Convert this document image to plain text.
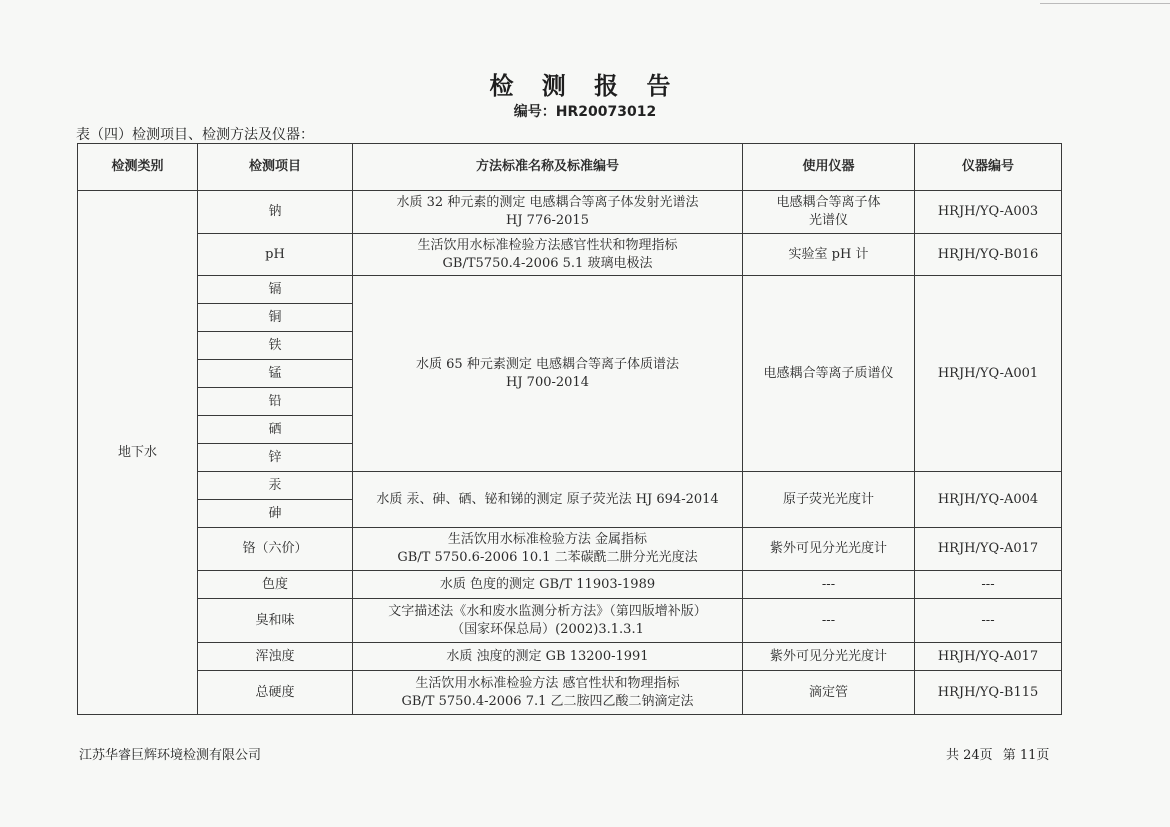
检 测 报 告
编号：HR20073012
表（四）检测项目、检测方法及仪器：
检测类别	检测项目	方法标准名称及标准编号	使用仪器	仪器编号
地下水	钠	水质 32 种元素的测定 电感耦合等离子体发射光谱法
HJ 776-2015	电感耦合等离子体
光谱仪	HRJH/YQ-A003
	pH	生活饮用水标准检验方法感官性状和物理指标
GB/T5750.4-2006 5.1 玻璃电极法	实验室 pH 计	HRJH/YQ-B016
	镉	水质 65 种元素测定 电感耦合等离子体质谱法
HJ 700-2014	电感耦合等离子质谱仪	HRJH/YQ-A001
	铜			
	铁			
	锰			
	铅			
	硒			
	锌			
	汞	水质 汞、砷、硒、铋和锑的测定 原子荧光法 HJ 694-2014	原子荧光光度计	HRJH/YQ-A004
	砷			
	铬（六价）	生活饮用水标准检验方法 金属指标
GB/T 5750.6-2006 10.1 二苯碳酰二肼分光光度法	紫外可见分光光度计	HRJH/YQ-A017
	色度	水质 色度的测定 GB/T 11903-1989	---	---
	臭和味	文字描述法《水和废水监测分析方法》（第四版增补版）
（国家环保总局）(2002)3.1.3.1	---	---
	浑浊度	水质 浊度的测定 GB 13200-1991	紫外可见分光光度计	HRJH/YQ-A017
	总硬度	生活饮用水标准检验方法 感官性状和物理指标
GB/T 5750.4-2006 7.1 乙二胺四乙酸二钠滴定法	滴定管	HRJH/YQ-B115
江苏华睿巨辉环境检测有限公司	共 24页 第 11页
